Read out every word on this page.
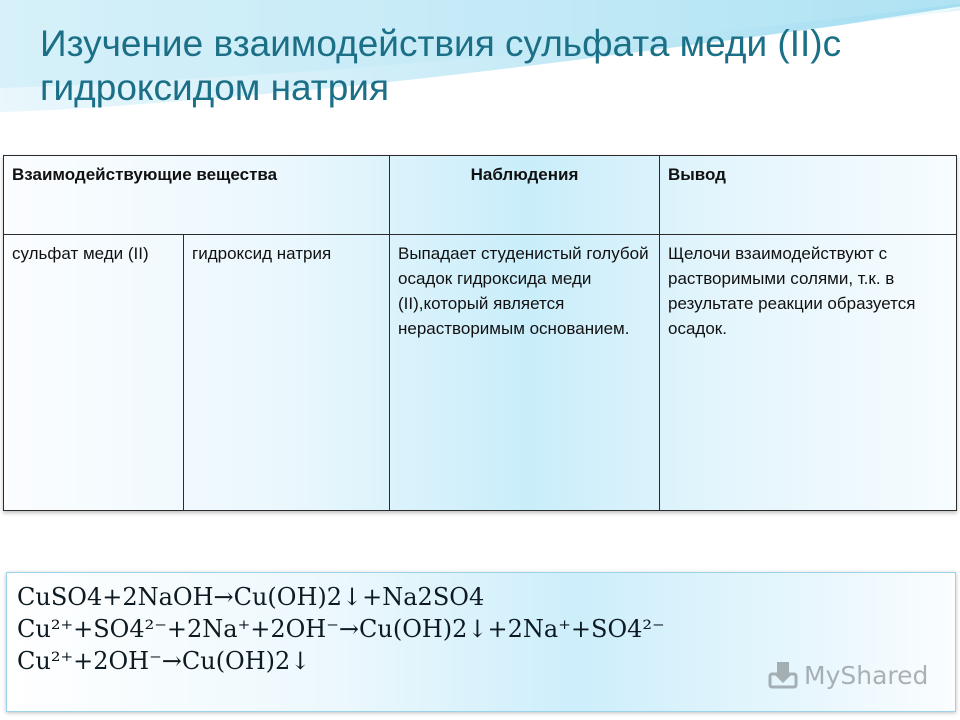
Изучение взаимодействия сульфата меди (II)с гидроксидом натрия
Взаимодействующие вещества		Наблюдения	Вывод
сульфат меди (II)	гидроксид натрия	Выпадает студенистый голубой осадок гидроксида меди (II),который является нерастворимым основанием.	Щелочи взаимодействуют с растворимыми солями, т.к. в результате реакции образуется осадок.
CuSO4+2NaOH→Cu(OH)2↓+Na2SO4
Cu²⁺+SO4²⁻+2Na⁺+2OH⁻→Cu(OH)2↓+2Na⁺+SO4²⁻
Cu²⁺+2OH⁻→Cu(OH)2↓	MyShared
